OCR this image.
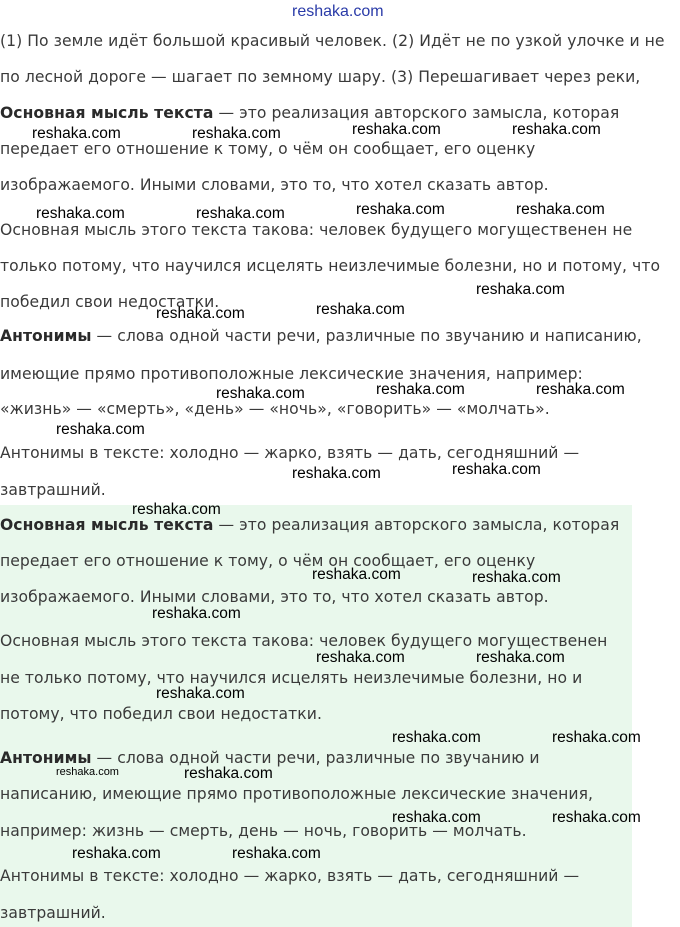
reshaka.com
(1) По земле идёт большой красивый человек. (2) Идёт не по узкой улочке и не
по лесной дороге — шагает по земному шару. (3) Перешагивает через реки,
Основная мысль текста — это реализация авторского замысла, которая
передает его отношение к тому, о чём он сообщает, его оценку
изображаемого. Иными словами, это то, что хотел сказать автор.
Основная мысль этого текста такова: человек будущего могущественен не
только потому, что научился исцелять неизлечимые болезни, но и потому, что
победил свои недостатки.
Антонимы — слова одной части речи, различные по звучанию и написанию,
имеющие прямо противоположные лексические значения, например:
«жизнь» — «смерть», «день» — «ночь», «говорить» — «молчать».
Антонимы в тексте: холодно — жарко, взять — дать, сегодняшний —
завтрашний.
Основная мысль текста — это реализация авторского замысла, которая
передает его отношение к тому, о чём он сообщает, его оценку
изображаемого. Иными словами, это то, что хотел сказать автор.
Основная мысль этого текста такова: человек будущего могущественен
не только потому, что научился исцелять неизлечимые болезни, но и
потому, что победил свои недостатки.
Антонимы — слова одной части речи, различные по звучанию и
написанию, имеющие прямо противоположные лексические значения,
например: жизнь — смерть, день — ночь, говорить — молчать.
Антонимы в тексте: холодно — жарко, взять — дать, сегодняшний —
завтрашний.
reshaka.com	reshaka.com	reshaka.com	reshaka.com
reshaka.com	reshaka.com	reshaka.com	reshaka.com
reshaka.com
reshaka.com	reshaka.com
reshaka.com	reshaka.com
reshaka.com
reshaka.com
reshaka.com	reshaka.com
reshaka.com
reshaka.com	reshaka.com
reshaka.com
reshaka.com	reshaka.com
reshaka.com
reshaka.com	reshaka.com
reshaka.com	reshaka.com
reshaka.com	reshaka.com
reshaka.com	reshaka.com
